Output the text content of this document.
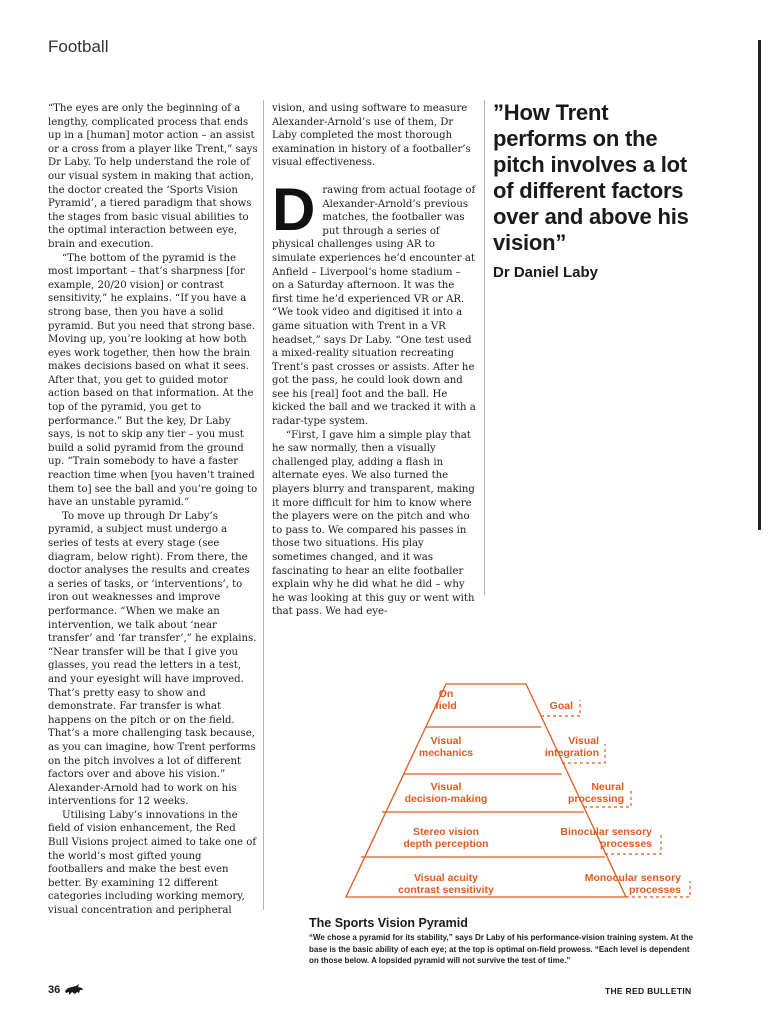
Football

“The eyes are only the beginning of a lengthy, complicated process that ends up in a [human] motor action – an assist or a cross from a player like Trent,” says Dr Laby. To help understand the role of our visual system in making that action, the doctor created the ‘Sports Vision Pyramid’, a tiered paradigm that shows the stages from basic visual abilities to the optimal interaction between eye, brain and execution.

“The bottom of the pyramid is the most important – that’s sharpness [for example, 20/20 vision] or contrast sensitivity,” he explains. “If you have a strong base, then you have a solid pyramid. But you need that strong base. Moving up, you’re looking at how both eyes work together, then how the brain makes decisions based on what it sees. After that, you get to guided motor action based on that information. At the top of the pyramid, you get to performance.” But the key, Dr Laby says, is not to skip any tier – you must build a solid pyramid from the ground up. “Train somebody to have a faster reaction time when [you haven’t trained them to] see the ball and you’re going to have an unstable pyramid.”

To move up through Dr Laby’s pyramid, a subject must undergo a series of tests at every stage (see diagram, below right). From there, the doctor analyses the results and creates a series of tasks, or ‘interventions’, to iron out weaknesses and improve performance. “When we make an intervention, we talk about ‘near transfer’ and ‘far transfer’,” he explains. “Near transfer will be that I give you glasses, you read the letters in a test, and your eyesight will have improved. That’s pretty easy to show and demonstrate. Far transfer is what happens on the pitch or on the field. That’s a more challenging task because, as you can imagine, how Trent performs on the pitch involves a lot of different factors over and above his vision.” Alexander-Arnold had to work on his interventions for 12 weeks.

Utilising Laby’s innovations in the field of vision enhancement, the Red Bull Visions project aimed to take one of the world’s most gifted young footballers and make the best even better. By examining 12 different categories including working memory, visual concentration and peripheral

vision, and using software to measure Alexander-Arnold’s use of them, Dr Laby completed the most thorough examination in history of a footballer’s visual effectiveness.

Drawing from actual footage of Alexander-Arnold’s previous matches, the footballer was put through a series of physical challenges using AR to simulate experiences he’d encounter at Anfield – Liverpool’s home stadium – on a Saturday afternoon. It was the first time he’d experienced VR or AR. “We took video and digitised it into a game situation with Trent in a VR headset,” says Dr Laby. “One test used a mixed-reality situation recreating Trent’s past crosses or assists. After he got the pass, he could look down and see his [real] foot and the ball. He kicked the ball and we tracked it with a radar-type system.

“First, I gave him a simple play that he saw normally, then a visually challenged play, adding a flash in alternate eyes. We also turned the players blurry and transparent, making it more difficult for him to know where the players were on the pitch and who to pass to. We compared his passes in those two situations. His play sometimes changed, and it was fascinating to hear an elite footballer explain why he did what he did – why he was looking at this guy or went with that pass. We had eye-

”How Trent performs on the pitch involves a lot of different factors over and above his vision”
Dr Daniel Laby
On
field	Goal
Visual
mechanics
Visual
integration
Visual
decision-making
Neural
processing
Stereo vision
depth perception
Binocular sensory
processes
Visual acuity
contrast sensitivity
Monocular sensory
processes
The Sports Vision Pyramid
“We chose a pyramid for its stability,” says Dr Laby of his performance-vision training system. At the base is the basic ability of each eye; at the top is optimal on-field prowess. “Each level is dependent on those below. A lopsided pyramid will not survive the test of time.”
36	THE RED BULLETIN
